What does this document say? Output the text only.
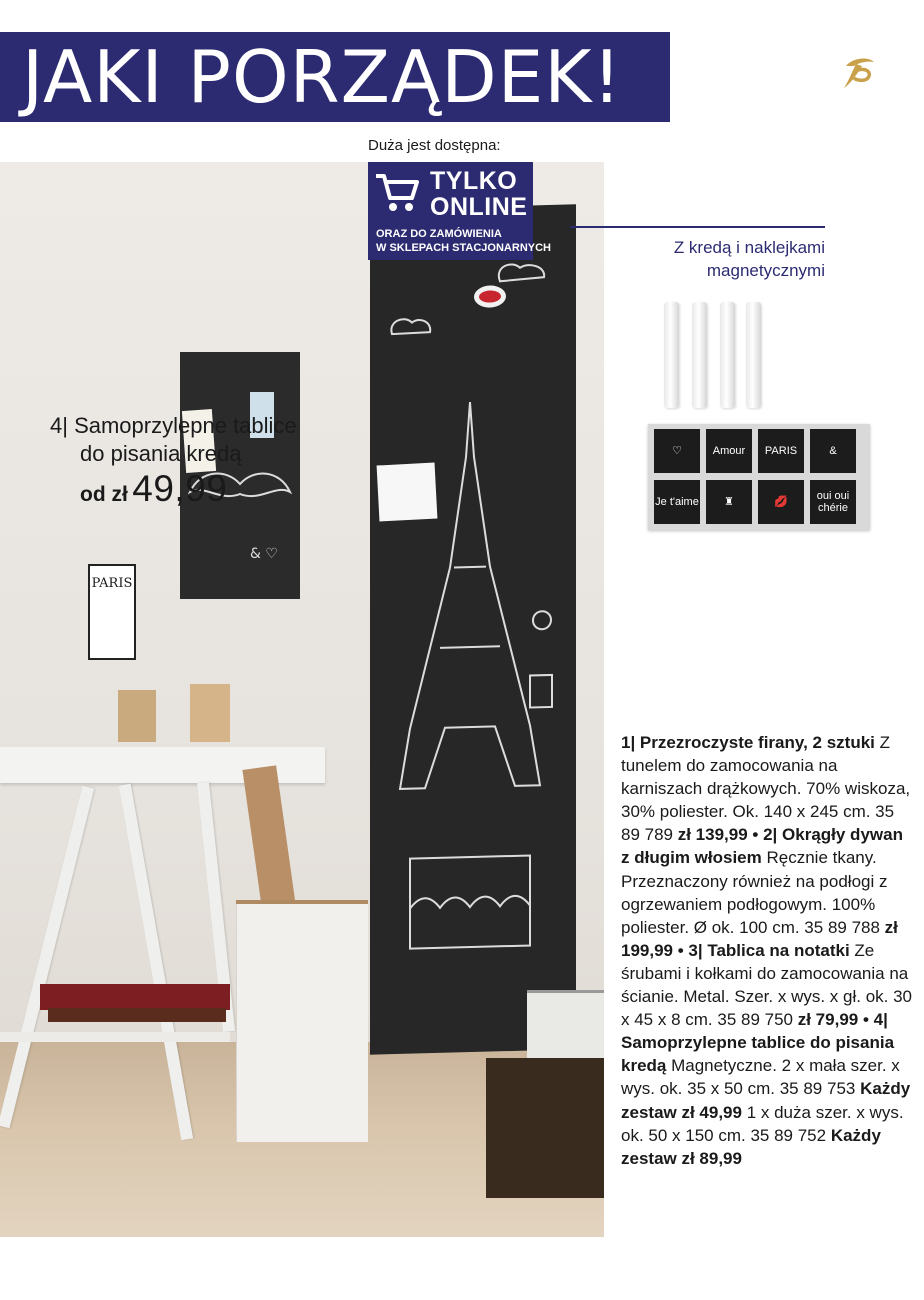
JAKI PORZĄDEK!
Duża jest dostępna:
& ♡
PARIS
4| Samoprzylepne tablice
do pisania kredą
od zł 49,99
TYLKO
ONLINE
ORAZ DO ZAMÓWIENIA
W SKLEPACH STACJONARNYCH	Z kredą i naklejkami
magnetycznymi
♡	Amour	PARIS	&
Je t'aime	♜	💋	oui oui chérie
1| Przezroczyste firany, 2 sztuki Z tunelem do zamocowania na karniszach drążkowych. 70% wiskoza, 30% poliester. Ok. 140 x 245 cm. 35 89 789 zł 139,99 • 2| Okrągły dywan z długim włosiem Ręcznie tkany. Przeznaczony również na podłogi z ogrzewaniem podłogowym. 100% poliester. Ø ok. 100 cm. 35 89 788 zł 199,99 • 3| Tablica na notatki Ze śrubami i kołkami do zamocowania na ścianie. Metal. Szer. x wys. x gł. ok. 30 x 45 x 8 cm. 35 89 750 zł 79,99 • 4| Samoprzylepne tablice do pisania kredą Magnetyczne. 2 x mała szer. x wys. ok. 35 x 50 cm. 35 89 753 Każdy zestaw zł 49,99 1 x duża szer. x wys. ok. 50 x 150 cm. 35 89 752 Każdy zestaw zł 89,99
